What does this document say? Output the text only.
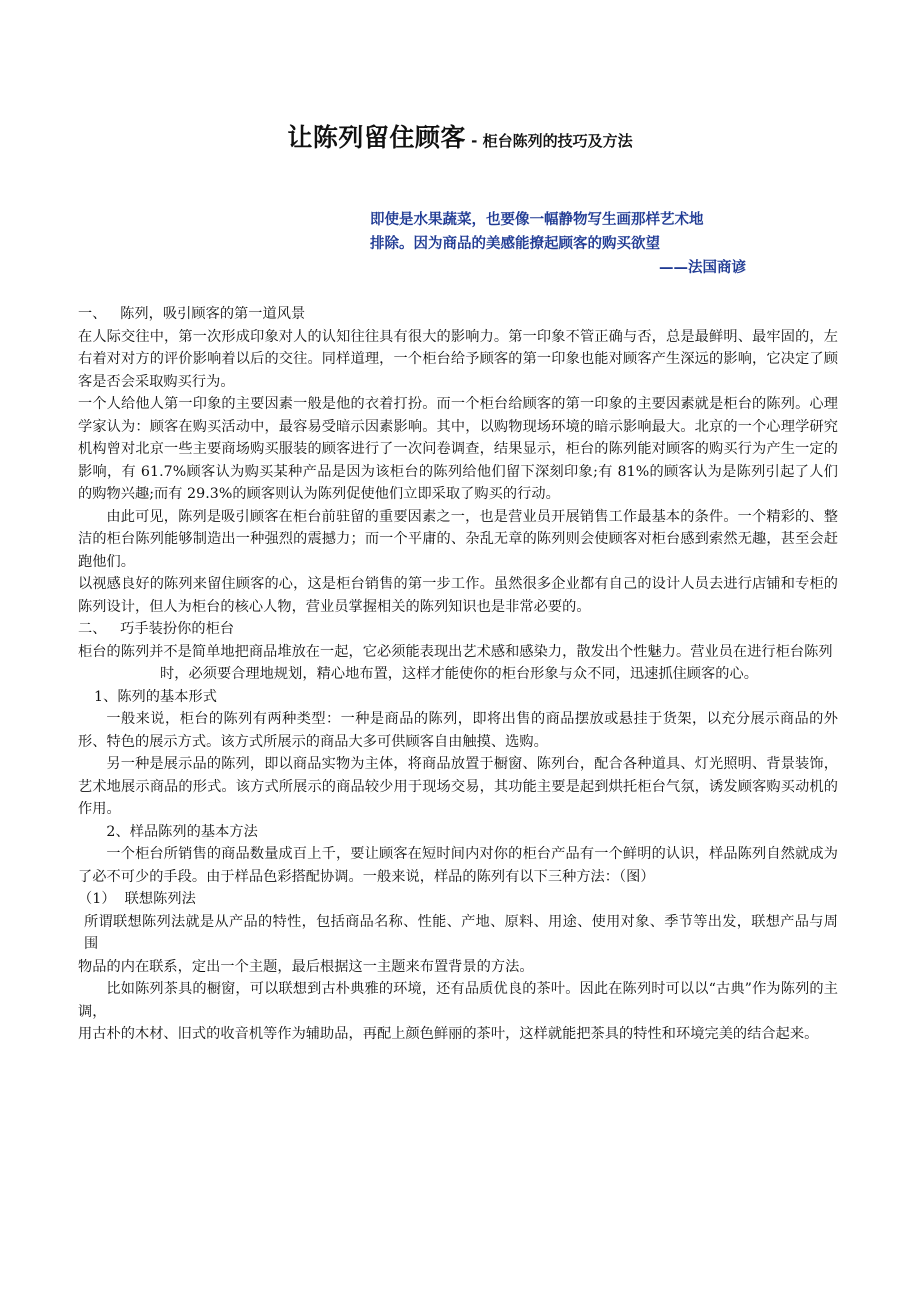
让陈列留住顾客 - 柜台陈列的技巧及方法
即使是水果蔬菜，也要像一幅静物写生画那样艺术地
排除。因为商品的美感能撩起顾客的购买欲望
——法国商谚

一、   陈列，吸引顾客的第一道风景

在人际交往中，第一次形成印象对人的认知往往具有很大的影响力。第一印象不管正确与否，总是最鲜明、最牢固的，左右着对对方的评价影响着以后的交往。同样道理，一个柜台给予顾客的第一印象也能对顾客产生深远的影响，它决定了顾客是否会采取购买行为。

一个人给他人第一印象的主要因素一般是他的衣着打扮。而一个柜台给顾客的第一印象的主要因素就是柜台的陈列。心理学家认为：顾客在购买活动中，最容易受暗示因素影响。其中，以购物现场环境的暗示影响最大。北京的一个心理学研究机构曾对北京一些主要商场购买服装的顾客进行了一次问卷调查，结果显示，柜台的陈列能对顾客的购买行为产生一定的影响，有 61.7%顾客认为购买某种产品是因为该柜台的陈列给他们留下深刻印象;有 81%的顾客认为是陈列引起了人们的购物兴趣;而有 29.3%的顾客则认为陈列促使他们立即采取了购买的行动。

由此可见，陈列是吸引顾客在柜台前驻留的重要因素之一，也是营业员开展销售工作最基本的条件。一个精彩的、整洁的柜台陈列能够制造出一种强烈的震撼力；而一个平庸的、杂乱无章的陈列则会使顾客对柜台感到索然无趣，甚至会赶跑他们。

以视感良好的陈列来留住顾客的心，这是柜台销售的第一步工作。虽然很多企业都有自己的设计人员去进行店铺和专柜的陈列设计，但人为柜台的核心人物，营业员掌握相关的陈列知识也是非常必要的。

二、   巧手装扮你的柜台

柜台的陈列并不是简单地把商品堆放在一起，它必须能表现出艺术感和感染力，散发出个性魅力。营业员在进行柜台陈列

时，必须要合理地规划，精心地布置，这样才能使你的柜台形象与众不同，迅速抓住顾客的心。

1、陈列的基本形式

一般来说，柜台的陈列有两种类型：一种是商品的陈列，即将出售的商品摆放或悬挂于货架，以充分展示商品的外形、特色的展示方式。该方式所展示的商品大多可供顾客自由触摸、选购。

另一种是展示品的陈列，即以商品实物为主体，将商品放置于橱窗、陈列台，配合各种道具、灯光照明、背景装饰，艺术地展示商品的形式。该方式所展示的商品较少用于现场交易，其功能主要是起到烘托柜台气氛，诱发顾客购买动机的作用。

2、样品陈列的基本方法

一个柜台所销售的商品数量成百上千，要让顾客在短时间内对你的柜台产品有一个鲜明的认识，样品陈列自然就成为了必不可少的手段。由于样品色彩搭配协调。一般来说，样品的陈列有以下三种方法：（图）

（1）  联想陈列法

所谓联想陈列法就是从产品的特性，包括商品名称、性能、产地、原料、用途、使用对象、季节等出发，联想产品与周围

物品的内在联系，定出一个主题，最后根据这一主题来布置背景的方法。

比如陈列茶具的橱窗，可以联想到古朴典雅的环境，还有品质优良的茶叶。因此在陈列时可以以“古典”作为陈列的主调，

用古朴的木材、旧式的收音机等作为辅助品，再配上颜色鲜丽的茶叶，这样就能把茶具的特性和环境完美的结合起来。
